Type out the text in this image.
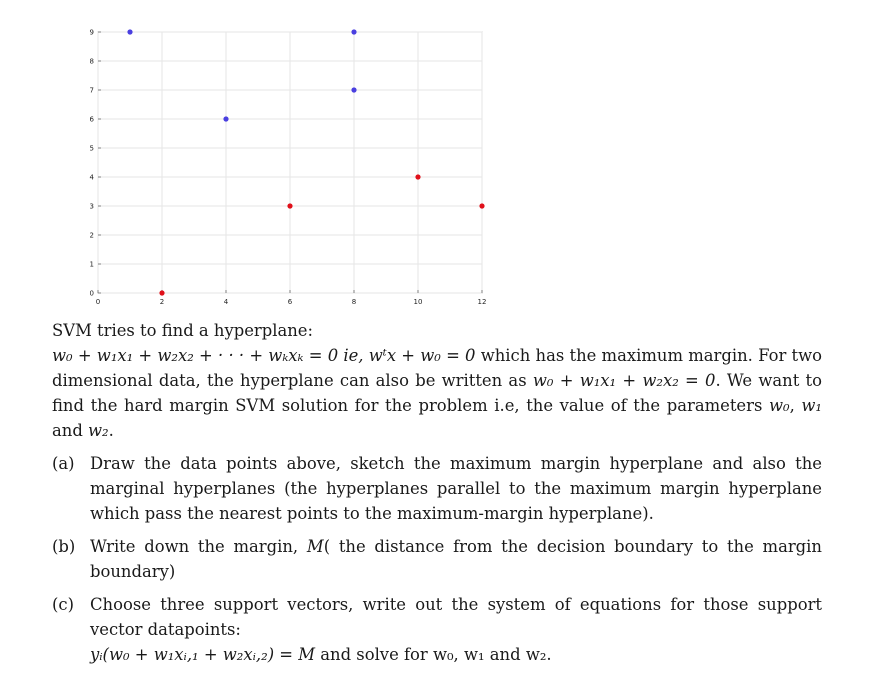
0	2	4	6	8	10	12
0
1
2
3
4
5
6
7
8
9

SVM tries to find a hyperplane:
w₀ + w₁x₁ + w₂x₂ + · · · + wₖxₖ = 0 ie, wᵗx + w₀ = 0 which has the maximum margin. For two dimensional data, the hyperplane can also be written as w₀ + w₁x₁ + w₂x₂ = 0. We want to find the hard margin SVM solution for the problem i.e, the value of the parameters w₀, w₁ and w₂.

(a) Draw the data points above, sketch the maximum margin hyperplane and also the marginal hyperplanes (the hyperplanes parallel to the maximum margin hyperplane which pass the nearest points to the maximum-margin hyperplane).

(b) Write down the margin, M( the distance from the decision boundary to the margin boundary)

(c) Choose three support vectors, write out the system of equations for those support vector datapoints:
yᵢ(w₀ + w₁xᵢ,₁ + w₂xᵢ,₂) = M and solve for w₀, w₁ and w₂.
